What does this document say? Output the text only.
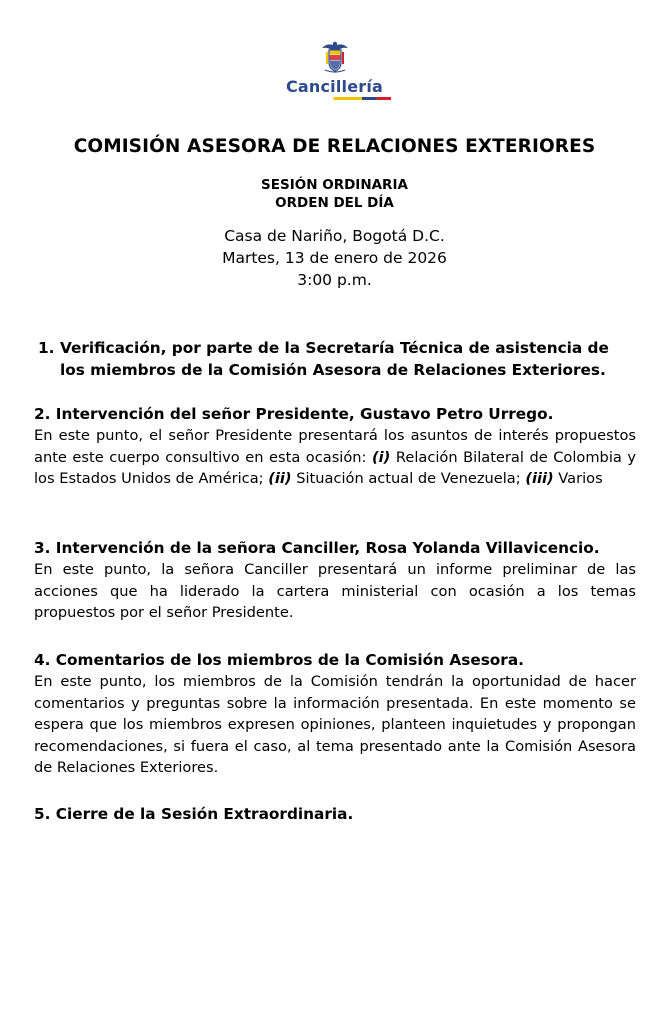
Cancillería
COMISIÓN ASESORA DE RELACIONES EXTERIORES
SESIÓN ORDINARIA
ORDEN DEL DÍA
Casa de Nariño, Bogotá D.C.
Martes, 13 de enero de 2026
3:00 p.m.
1. Verificación, por parte de la Secretaría Técnica de asistencia de los miembros de la Comisión Asesora de Relaciones Exteriores.
2. Intervención del señor Presidente, Gustavo Petro Urrego.
En este punto, el señor Presidente presentará los asuntos de interés propuestos ante este cuerpo consultivo en esta ocasión: (i) Relación Bilateral de Colombia y los Estados Unidos de América; (ii) Situación actual de Venezuela; (iii) Varios
3. Intervención de la señora Canciller, Rosa Yolanda Villavicencio.
En este punto, la señora Canciller presentará un informe preliminar de las acciones que ha liderado la cartera ministerial con ocasión a los temas propuestos por el señor Presidente.
4. Comentarios de los miembros de la Comisión Asesora.
En este punto, los miembros de la Comisión tendrán la oportunidad de hacer comentarios y preguntas sobre la información presentada. En este momento se espera que los miembros expresen opiniones, planteen inquietudes y propongan recomendaciones, si fuera el caso, al tema presentado ante la Comisión Asesora de Relaciones Exteriores.
5. Cierre de la Sesión Extraordinaria.
